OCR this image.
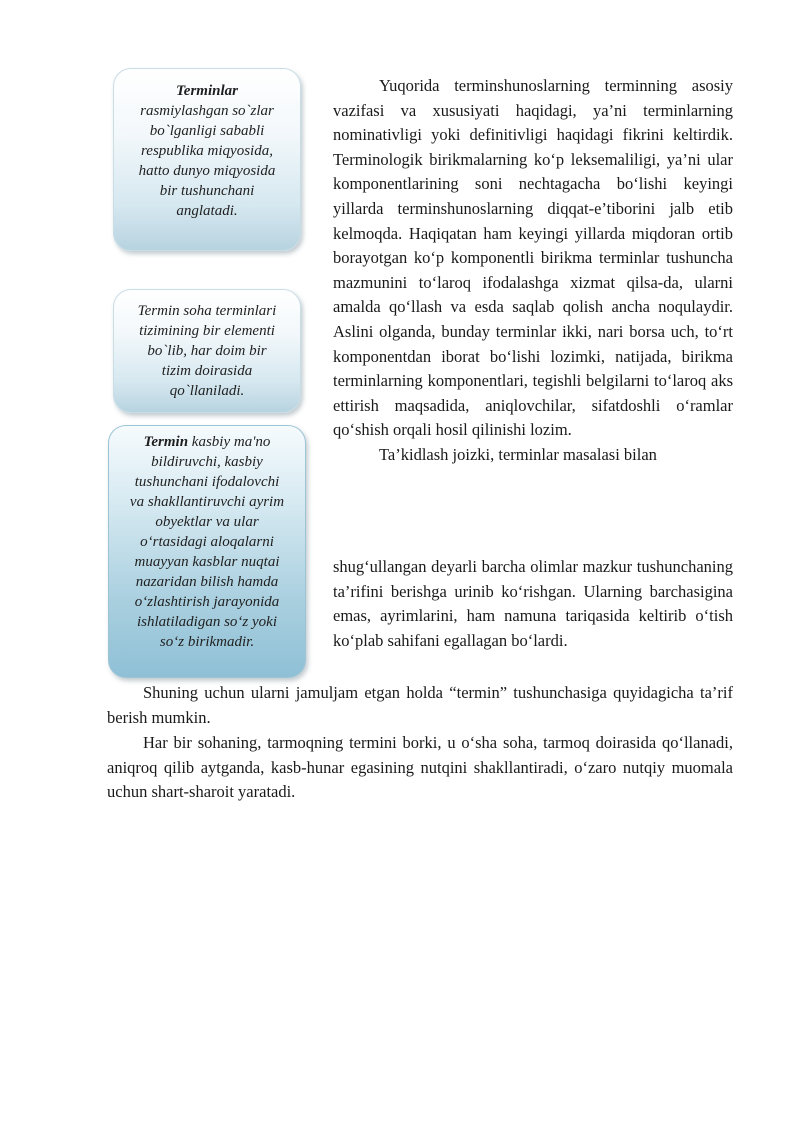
Terminlar
rasmiylashgan so`zlar bo`lganligi sababli respublika miqyosida, hatto dunyo miqyosida bir tushunchani anglatadi.
Termin soha terminlari tizimining bir elementi bo`lib, har doim bir tizim doirasida qo`llaniladi.
Termin kasbiy ma'no bildiruvchi, kasbiy tushunchani ifodalovchi va shakllantiruvchi ayrim obyektlar va ular o‘rtasidagi aloqalarni muayyan kasblar nuqtai nazaridan bilish hamda o‘zlashtirish jarayonida ishlatiladigan so‘z yoki so‘z birikmadir.

Yuqorida terminshunoslarning terminning asosiy vazifasi va xususiyati haqidagi, ya’ni terminlarning nominativligi yoki definitivligi haqidagi fikrini keltirdik. Terminologik birikmalarning ko‘p leksemaliligi, ya’ni ular komponentlarining soni nechtagacha bo‘lishi keyingi yillarda terminshunoslarning diqqat-e’tiborini jalb etib kelmoqda. Haqiqatan ham keyingi yillarda miqdoran ortib borayotgan ko‘p komponentli birikma terminlar tushuncha mazmunini to‘laroq ifodalashga xizmat qilsa-da, ularni amalda qo‘llash va esda saqlab qolish ancha noqulaydir. Aslini olganda, bunday terminlar ikki, nari borsa uch, to‘rt komponentdan iborat bo‘lishi lozimki, natijada, birikma terminlarning komponentlari, tegishli belgilarni to‘laroq aks ettirish maqsadida, aniqlovchilar, sifatdoshli o‘ramlar qo‘shish orqali hosil qilinishi lozim.

Ta’kidlash joizki, terminlar masalasi bilan

shug‘ullangan deyarli barcha olimlar mazkur tushunchaning ta’rifini berishga urinib ko‘rishgan. Ularning barchasigina emas, ayrimlarini, ham namuna tariqasida keltirib o‘tish ko‘plab sahifani egallagan bo‘lardi.

Shuning uchun ularni jamuljam etgan holda “termin” tushunchasiga quyidagicha ta’rif berish mumkin.

Har bir sohaning, tarmoqning termini borki, u o‘sha soha, tarmoq doirasida qo‘llanadi, aniqroq qilib aytganda, kasb-hunar egasining nutqini shakllantiradi, o‘zaro nutqiy muomala uchun shart-sharoit yaratadi.
